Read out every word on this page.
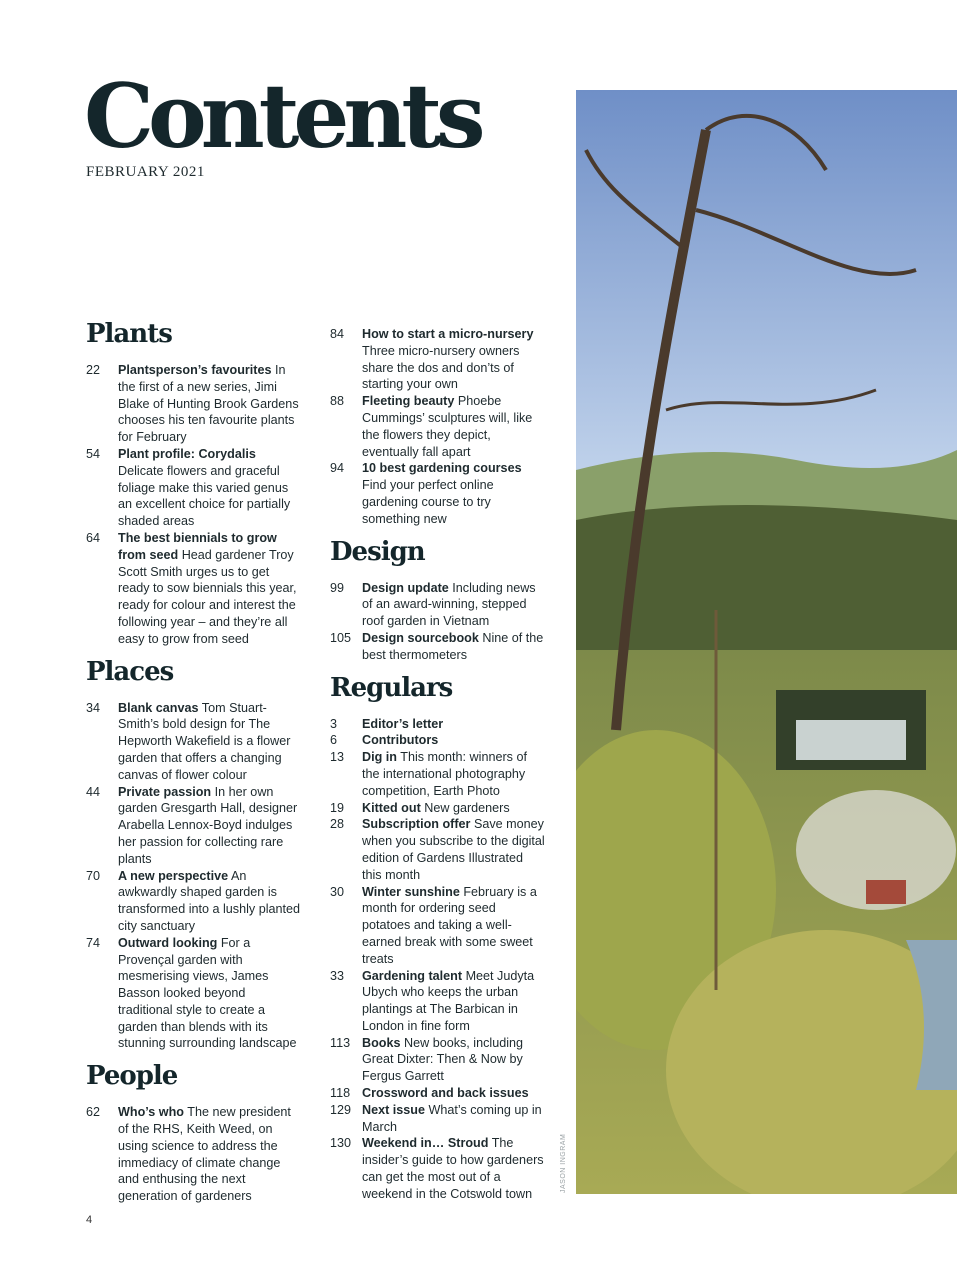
Contents
FEBRUARY 2021
Plants
22	Plantsperson’s favourites In the first of a new series, Jimi Blake of Hunting Brook Gardens chooses his ten favourite plants for February
54	Plant profile: Corydalis Delicate flowers and graceful foliage make this varied genus an excellent choice for partially shaded areas
64	The best biennials to grow from seed Head gardener Troy Scott Smith urges us to get ready to sow biennials this year, ready for colour and interest the following year – and they’re all easy to grow from seed
Places
34	Blank canvas Tom Stuart-Smith’s bold design for The Hepworth Wakefield is a flower garden that offers a changing canvas of flower colour
44	Private passion In her own garden Gresgarth Hall, designer Arabella Lennox-Boyd indulges her passion for collecting rare plants
70	A new perspective An awkwardly shaped garden is transformed into a lushly planted city sanctuary
74	Outward looking For a Provençal garden with mesmerising views, James Basson looked beyond traditional style to create a garden than blends with its stunning surrounding landscape
People
62	Who’s who The new president of the RHS, Keith Weed, on using science to address the immediacy of climate change and enthusing the next generation of gardeners
84	How to start a micro-nursery Three micro-nursery owners share the dos and don’ts of starting your own
88	Fleeting beauty Phoebe Cummings’ sculptures will, like the flowers they depict, eventually fall apart
94	10 best gardening courses Find your perfect online gardening course to try something new
Design
99	Design update Including news of an award-winning, stepped roof garden in Vietnam
105 Design sourcebook Nine of the best thermometers
Regulars
3	Editor’s letter
6	Contributors
13	Dig in This month: winners of the international photography competition, Earth Photo
19	Kitted out New gardeners
28	Subscription offer Save money when you subscribe to the digital edition of Gardens Illustrated this month
30	Winter sunshine February is a month for ordering seed potatoes and taking a well-earned break with some sweet treats
33	Gardening talent Meet Judyta Ubych who keeps the urban plantings at The Barbican in London in fine form
113 Books New books, including Great Dixter: Then & Now by Fergus Garrett
118 Crossword and back issues
129 Next issue What’s coming up in March
130 Weekend in… Stroud The insider’s guide to how gardeners can get the most out of a weekend in the Cotswold town
JASON INGRAM
4
